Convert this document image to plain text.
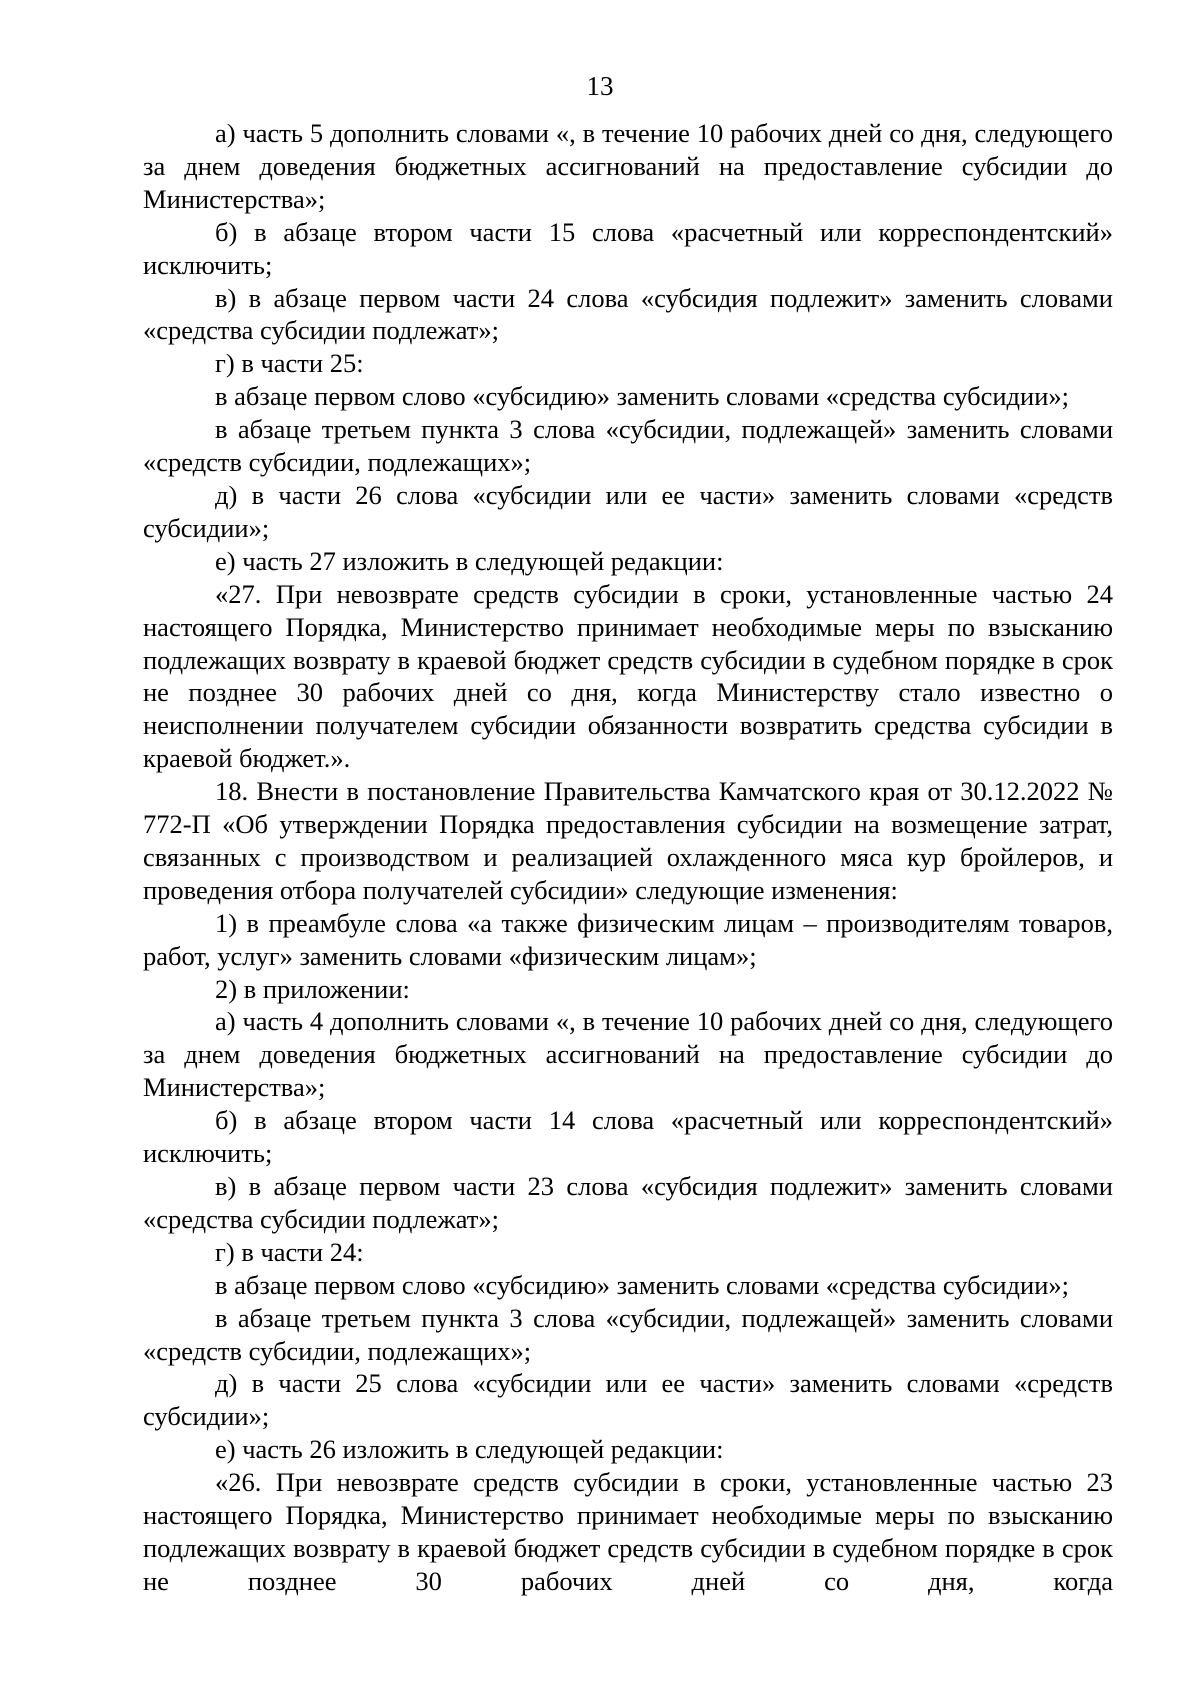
13

а) часть 5 дополнить словами «, в течение 10 рабочих дней со дня, следующего за днем доведения бюджетных ассигнований на предоставление субсидии до Министерства»;

б) в абзаце втором части 15 слова «расчетный или корреспондентский» исключить;

в) в абзаце первом части 24 слова «субсидия подлежит» заменить словами «средства субсидии подлежат»;

г) в части 25:

в абзаце первом слово «субсидию» заменить словами «средства субсидии»;

в абзаце третьем пункта 3 слова «субсидии, подлежащей» заменить словами «средств субсидии, подлежащих»;

д) в части 26 слова «субсидии или ее части» заменить словами «средств субсидии»;

е) часть 27 изложить в следующей редакции:

«27. При невозврате средств субсидии в сроки, установленные частью 24 настоящего Порядка, Министерство принимает необходимые меры по взысканию подлежащих возврату в краевой бюджет средств субсидии в судебном порядке в срок не позднее 30 рабочих дней со дня, когда Министерству стало известно о неисполнении получателем субсидии обязанности возвратить средства субсидии в краевой бюджет.».

18. Внести в постановление Правительства Камчатского края от 30.12.2022 № 772-П «Об утверждении Порядка предоставления субсидии на возмещение затрат, связанных с производством и реализацией охлажденного мяса кур бройлеров, и проведения отбора получателей субсидии» следующие изменения:

1) в преамбуле слова «а также физическим лицам – производителям товаров, работ, услуг» заменить словами «физическим лицам»;

2) в приложении:

а) часть 4 дополнить словами «, в течение 10 рабочих дней со дня, следующего за днем доведения бюджетных ассигнований на предоставление субсидии до Министерства»;

б) в абзаце втором части 14 слова «расчетный или корреспондентский» исключить;

в) в абзаце первом части 23 слова «субсидия подлежит» заменить словами «средства субсидии подлежат»;

г) в части 24:

в абзаце первом слово «субсидию» заменить словами «средства субсидии»;

в абзаце третьем пункта 3 слова «субсидии, подлежащей» заменить словами «средств субсидии, подлежащих»;

д) в части 25 слова «субсидии или ее части» заменить словами «средств субсидии»;

е) часть 26 изложить в следующей редакции:

«26. При невозврате средств субсидии в сроки, установленные частью 23 настоящего Порядка, Министерство принимает необходимые меры по взысканию подлежащих возврату в краевой бюджет средств субсидии в судебном порядке в срок не позднее 30 рабочих дней со дня, когда
